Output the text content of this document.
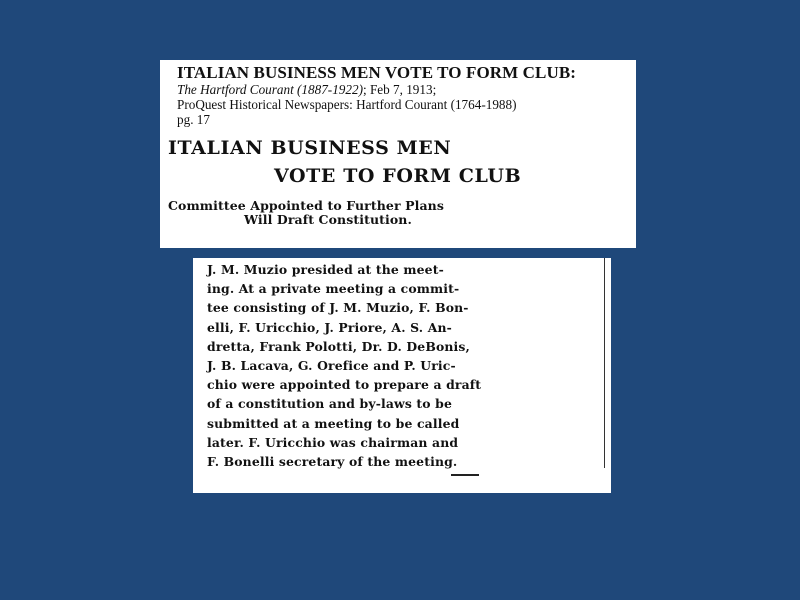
ITALIAN BUSINESS MEN VOTE TO FORM CLUB:
The Hartford Courant (1887-1922); Feb 7, 1913;
ProQuest Historical Newspapers: Hartford Courant (1764-1988)
pg. 17
ITALIAN BUSINESS MEN
VOTE TO FORM CLUB
Committee Appointed to Further Plans
Will Draft Constitution.
J. M. Muzio presided at the meet-
ing. At a private meeting a commit-
tee consisting of J. M. Muzio, F. Bon-
elli, F. Uricchio, J. Priore, A. S. An-
dretta, Frank Polotti, Dr. D. DeBonis,
J. B. Lacava, G. Orefice and P. Uric-
chio were appointed to prepare a draft
of a constitution and by-laws to be
submitted at a meeting to be called
later. F. Uricchio was chairman and
F. Bonelli secretary of the meeting.
